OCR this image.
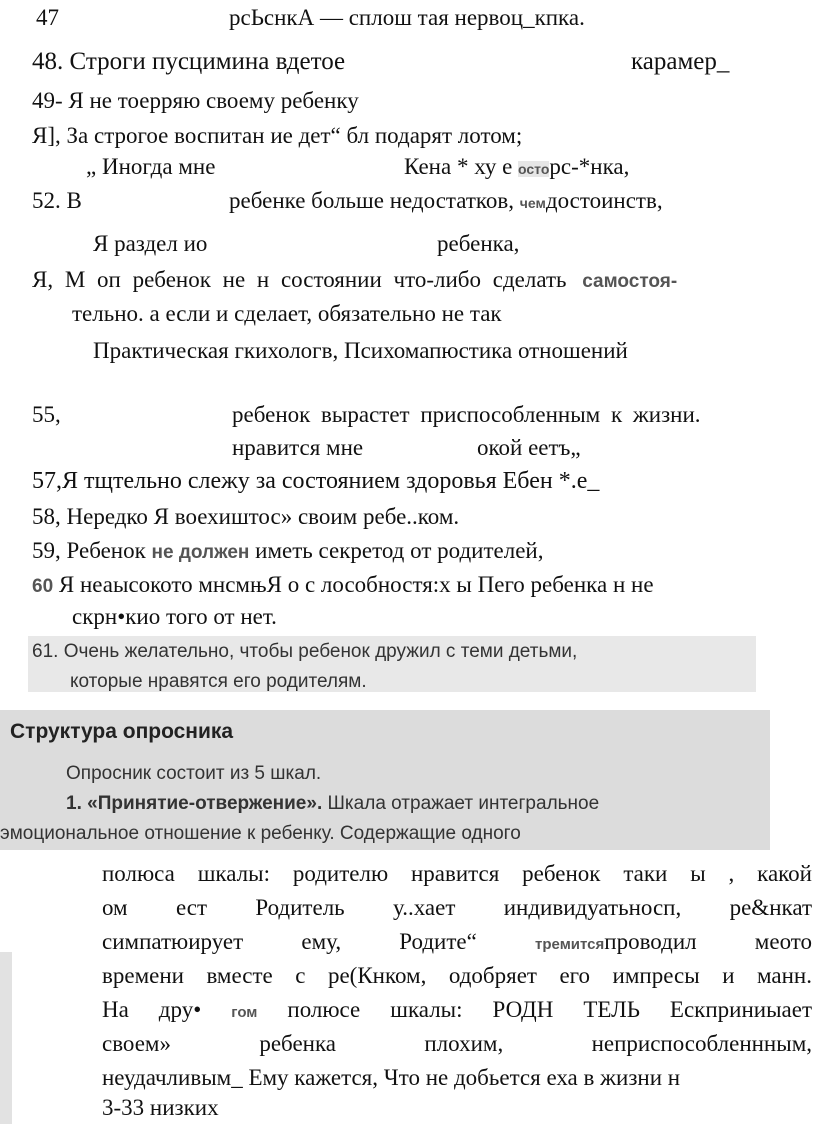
47	рсЬснкА — сплош тая нервоц_кпка.
48. Строги пусцимина вдетое	карамер_
49- Я не тоерряю своему ребенку
Я], За строгое воспитан ие дет“ бл подарят лотом;
„ Иногда мне	Кена * ху е осторс-*нка,
52. В	ребенке больше недостатков, чемдостоинств,
Я раздел ио	ребенка,
Я, М оп ребенок не н состоянии что-либо сделать самостоя-
тельно. а если и сделает, обязательно не так
Практическая гкихологв, Психомапюстика отношений
55,	ребенок вырастет приспособленным к жизни.
нравится мне	окой еетъ„
57,Я тщтельно слежу за состоянием здоровья Ебен *.е_
58, Нередко Я воехиштос» своим ребе..ком.
59, Ребенок не должен иметь секретод от родителей,
60 Я неаысокото мнсмњЯ о с лособностя:х ы Пего ребенка н не
скрн•кио того от нет.
61. Очень желательно, чтобы ребенок дружил с теми детьми,
которые нравятся его родителям.
Структура опросника
Опросник состоит из 5 шкал.
1. «Принятие-отвержение». Шкала отражает интегральное
эмоциональное отношение к ребенку. Содержащие одного
полюса шкалы: родителю нравится ребенок таки ы , какой
ом ест Родитель у..хает индивидуатьносп, ре&нкат
симпатюирует ему, Родите“	тремитсяпроводил меото
времени вместе с ре(Кнком, одобряет его импресы и манн.
На дру• гом полюсе шкалы: РОДН ТЕЛЬ Ескприниыает
своем» ребенка плохим, неприспособленнным,
неудачливым_ Ему кажется, Что не добьется еха в жизни н
3-33 низких
